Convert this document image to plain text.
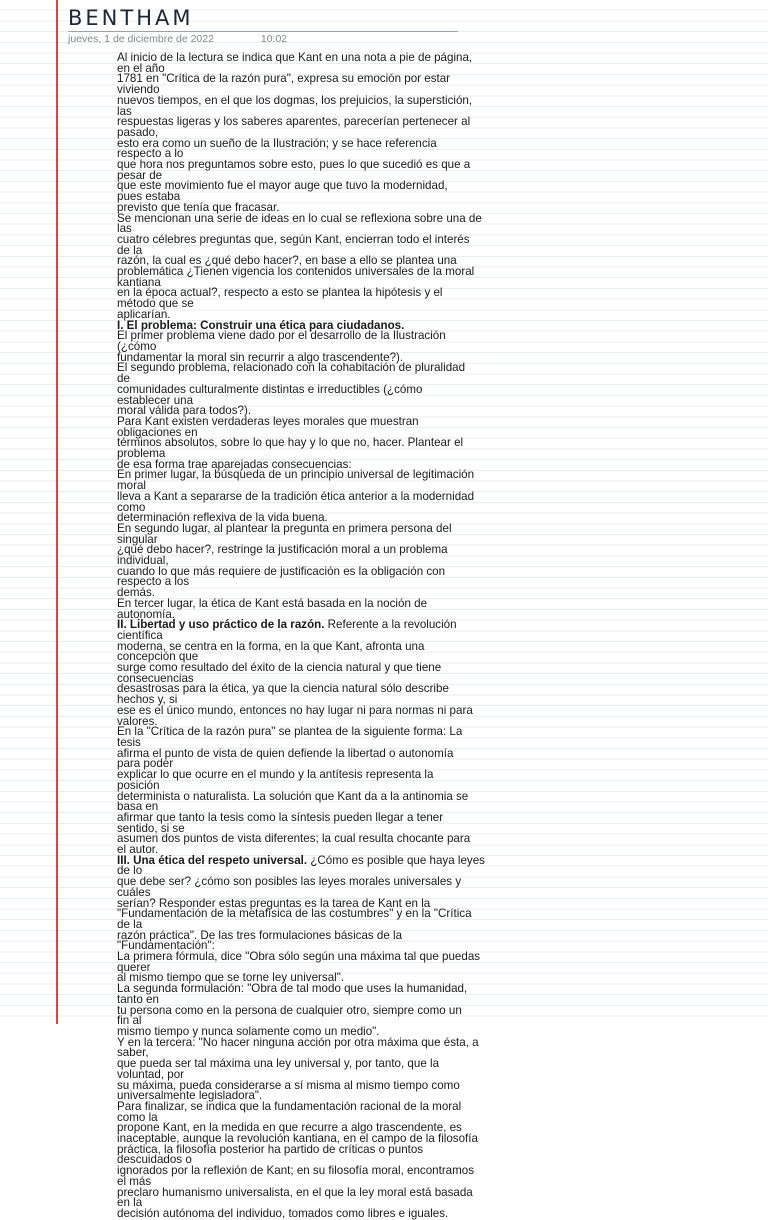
BENTHAM
jueves, 1 de diciembre de 2022	10:02
Al inicio de la lectura se indica que Kant en una nota a pie de página,
en el año
1781 en "Crítica de la razón pura", expresa su emoción por estar
viviendo
nuevos tiempos, en el que los dogmas, los prejuicios, la superstición,
las
respuestas ligeras y los saberes aparentes, parecerían pertenecer al
pasado,
esto era como un sueño de la Ilustración; y se hace referencia
respecto a lo
que hora nos preguntamos sobre esto, pues lo que sucedió es que a
pesar de
que este movimiento fue el mayor auge que tuvo la modernidad,
pues estaba
previsto que tenía que fracasar.
Se mencionan una serie de ideas en lo cual se reflexiona sobre una de
las
cuatro célebres preguntas que, según Kant, encierran todo el interés
de la
razón, la cual es ¿qué debo hacer?, en base a ello se plantea una
problemática ¿Tienen vigencia los contenidos universales de la moral
kantiana
en la época actual?, respecto a esto se plantea la hipótesis y el
método que se
aplicarían.
I. El problema: Construir una ética para ciudadanos.
El primer problema viene dado por el desarrollo de la Ilustración
(¿cómo
fundamentar la moral sin recurrir a algo trascendente?).
El segundo problema, relacionado con la cohabitación de pluralidad
de
comunidades culturalmente distintas e irreductibles (¿cómo
establecer una
moral válida para todos?).
Para Kant existen verdaderas leyes morales que muestran
obligaciones en
términos absolutos, sobre lo que hay y lo que no, hacer. Plantear el
problema
de esa forma trae aparejadas consecuencias:
En primer lugar, la búsqueda de un principio universal de legitimación
moral
lleva a Kant a separarse de la tradición ética anterior a la modernidad
como
determinación reflexiva de la vida buena.
En segundo lugar, al plantear la pregunta en primera persona del
singular
¿qué debo hacer?, restringe la justificación moral a un problema
individual,
cuando lo que más requiere de justificación es la obligación con
respecto a los
demás.
En tercer lugar, la ética de Kant está basada en la noción de
autonomía.
II. Libertad y uso práctico de la razón. Referente a la revolución
científica
moderna, se centra en la forma, en la que Kant, afronta una
concepción que
surge como resultado del éxito de la ciencia natural y que tiene
consecuencias
desastrosas para la ética, ya que la ciencia natural sólo describe
hechos y, si
ese es el único mundo, entonces no hay lugar ni para normas ni para
valores.
En la "Crítica de la razón pura" se plantea de la siguiente forma: La
tesis
afirma el punto de vista de quien defiende la libertad o autonomía
para poder
explicar lo que ocurre en el mundo y la antítesis representa la
posición
determinista o naturalista. La solución que Kant da a la antinomia se
basa en
afirmar que tanto la tesis como la síntesis pueden llegar a tener
sentido, si se
asumen dos puntos de vista diferentes; la cual resulta chocante para
el autor.
III. Una ética del respeto universal. ¿Cómo es posible que haya leyes
de lo
que debe ser? ¿cómo son posibles las leyes morales universales y
cuáles
serían? Responder estas preguntas es la tarea de Kant en la
"Fundamentación de la metafísica de las costumbres" y en la "Crítica
de la
razón práctica". De las tres formulaciones básicas de la
"Fundamentación":
La primera fórmula, dice "Obra sólo según una máxima tal que puedas
querer
al mismo tiempo que se torne ley universal".
La segunda formulación: "Obra de tal modo que uses la humanidad,
tanto en
tu persona como en la persona de cualquier otro, siempre como un
fin al
mismo tiempo y nunca solamente como un medio".
Y en la tercera: "No hacer ninguna acción por otra máxima que ésta, a
saber,
que pueda ser tal máxima una ley universal y, por tanto, que la
voluntad, por
su máxima, pueda considerarse a sí misma al mismo tiempo como
universalmente legisladora".
Para finalizar, se indica que la fundamentación racional de la moral
como la
propone Kant, en la medida en que recurre a algo trascendente, es
inaceptable, aunque la revolución kantiana, en el campo de la filosofía
práctica, la filosofía posterior ha partido de críticas o puntos
descuidados o
ignorados por la reflexión de Kant; en su filosofía moral, encontramos
el más
preclaro humanismo universalista, en el que la ley moral está basada
en la
decisión autónoma del individuo, tomados como libres e iguales.
